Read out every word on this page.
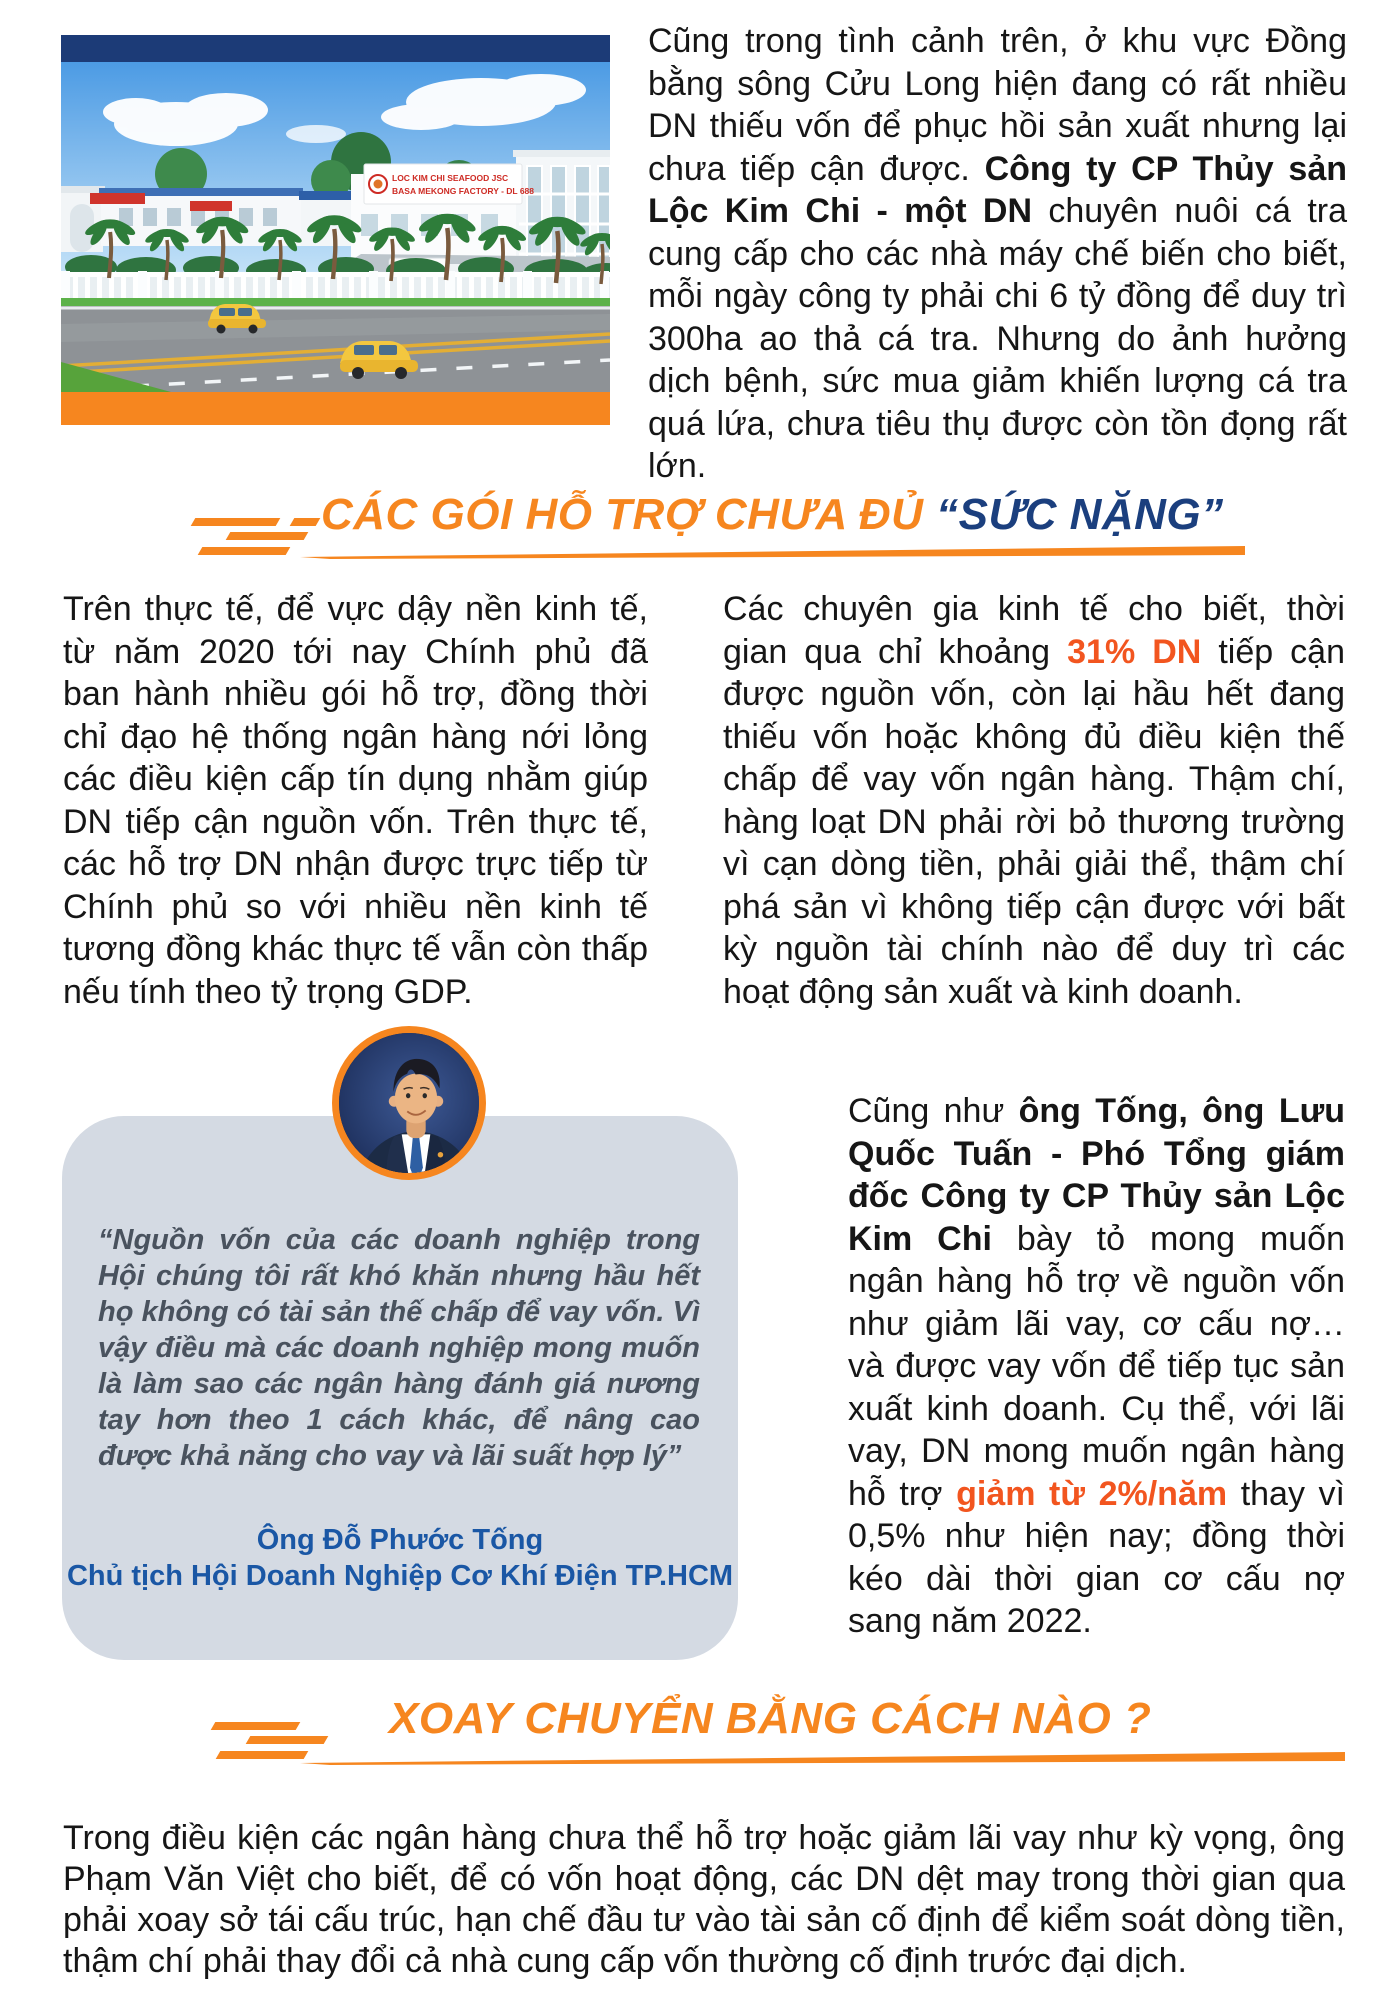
LOC KIM CHI SEAFOOD JSC
BASA MEKONG FACTORY - DL 688

Cũng trong tình cảnh trên, ở khu vực Đồng bằng sông Cửu Long hiện đang có rất nhiều DN thiếu vốn để phục hồi sản xuất nhưng lại chưa tiếp cận được. Công ty CP Thủy sản Lộc Kim Chi - một DN chuyên nuôi cá tra cung cấp cho các nhà máy chế biến cho biết, mỗi ngày công ty phải chi 6 tỷ đồng để duy trì 300ha ao thả cá tra. Nhưng do ảnh hưởng dịch bệnh, sức mua giảm khiến lượng cá tra quá lứa, chưa tiêu thụ được còn tồn đọng rất lớn.

CÁC GÓI HỖ TRỢ CHƯA ĐỦ “SỨC NẶNG”

Trên thực tế, để vực dậy nền kinh tế, từ năm 2020 tới nay Chính phủ đã ban hành nhiều gói hỗ trợ, đồng thời chỉ đạo hệ thống ngân hàng nới lỏng các điều kiện cấp tín dụng nhằm giúp DN tiếp cận nguồn vốn. Trên thực tế, các hỗ trợ DN nhận được trực tiếp từ Chính phủ so với nhiều nền kinh tế tương đồng khác thực tế vẫn còn thấp nếu tính theo tỷ trọng GDP.

Các chuyên gia kinh tế cho biết, thời gian qua chỉ khoảng 31% DN tiếp cận được nguồn vốn, còn lại hầu hết đang thiếu vốn hoặc không đủ điều kiện thế chấp để vay vốn ngân hàng. Thậm chí, hàng loạt DN phải rời bỏ thương trường vì cạn dòng tiền, phải giải thể, thậm chí phá sản vì không tiếp cận được với bất kỳ nguồn tài chính nào để duy trì các hoạt động sản xuất và kinh doanh.

“Nguồn vốn của các doanh nghiệp trong Hội chúng tôi rất khó khăn nhưng hầu hết họ không có tài sản thế chấp để vay vốn. Vì vậy điều mà các doanh nghiệp mong muốn là làm sao các ngân hàng đánh giá nương tay hơn theo 1 cách khác, để nâng cao được khả năng cho vay và lãi suất hợp lý”

Ông Đỗ Phước Tống

Chủ tịch Hội Doanh Nghiệp Cơ Khí Điện TP.HCM

Cũng như ông Tống, ông Lưu Quốc Tuấn - Phó Tổng giám đốc Công ty CP Thủy sản Lộc Kim Chi bày tỏ mong muốn ngân hàng hỗ trợ về nguồn vốn như giảm lãi vay, cơ cấu nợ… và được vay vốn để tiếp tục sản xuất kinh doanh. Cụ thể, với lãi vay, DN mong muốn ngân hàng hỗ trợ giảm từ 2%/năm thay vì 0,5% như hiện nay; đồng thời kéo dài thời gian cơ cấu nợ sang năm 2022.

XOAY CHUYỂN BẰNG CÁCH NÀO ?

Trong điều kiện các ngân hàng chưa thể hỗ trợ hoặc giảm lãi vay như kỳ vọng, ông Phạm Văn Việt cho biết, để có vốn hoạt động, các DN dệt may trong thời gian qua phải xoay sở tái cấu trúc, hạn chế đầu tư vào tài sản cố định để kiểm soát dòng tiền, thậm chí phải thay đổi cả nhà cung cấp vốn thường cố định trước đại dịch.
